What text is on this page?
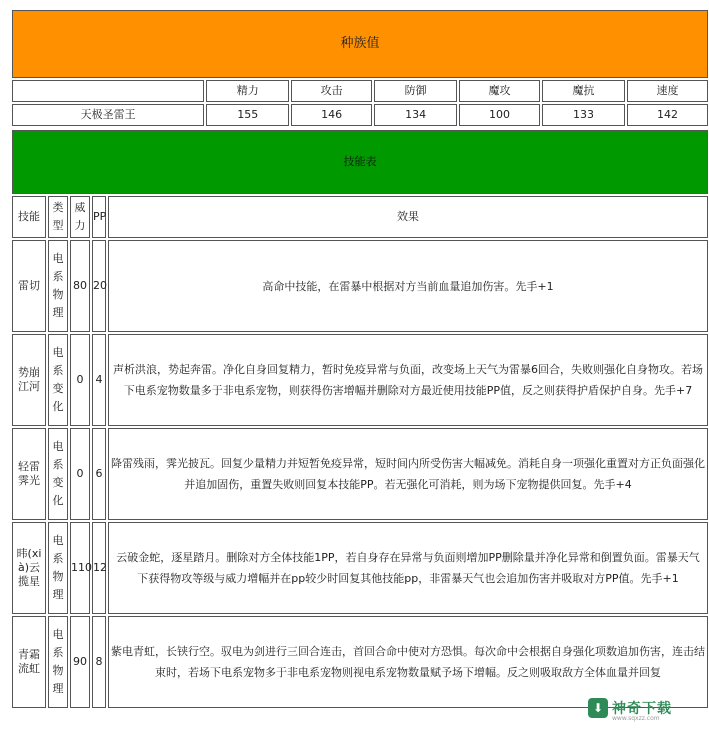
种族值						
	精力	攻击	防御	魔攻	魔抗	速度
天极圣雷王	155	146	134	100	133	142
技能表				
技能	类型	威力	PP	效果
雷切	电系物理	80	20	高命中技能，在雷暴中根据对方当前血量追加伤害。先手+1
势崩江河	电系变化	0	4	声析洪浪，势起奔雷。净化自身回复精力，暂时免疫异常与负面，改变场上天气为雷暴6回合，失败则强化自身物攻。若场下电系宠物数量多于非电系宠物，则获得伤害增幅并删除对方最近使用技能PP值，反之则获得护盾保护自身。先手+7
轻雷霁光	电系变化	0	6	降雷残雨，霁光披瓦。回复少量精力并短暂免疫异常，短时间内所受伤害大幅减免。消耗自身一项强化重置对方正负面强化并追加固伤，重置失败则回复本技能PP。若无强化可消耗，则为场下宠物提供回复。先手+4
𬀩(xià)云揽星	电系物理	110	12	云破金蛇，逐星踏月。删除对方全体技能1PP，若自身存在异常与负面则增加PP删除量并净化异常和倒置负面。雷暴天气下获得物攻等级与威力增幅并在pp较少时回复其他技能pp，非雷暴天气也会追加伤害并吸取对方PP值。先手+1
青霜流虹	电系物理	90	8	紫电青虹，长铗行空。驭电为剑进行三回合连击，首回合命中使对方恐惧。每次命中会根据自身强化项数追加伤害，连击结束时，若场下电系宠物多于非电系宠物则视电系宠物数量赋予场下增幅。反之则吸取敌方全体血量并回复
⬇ 神奇下载
www.sqxzz.com
